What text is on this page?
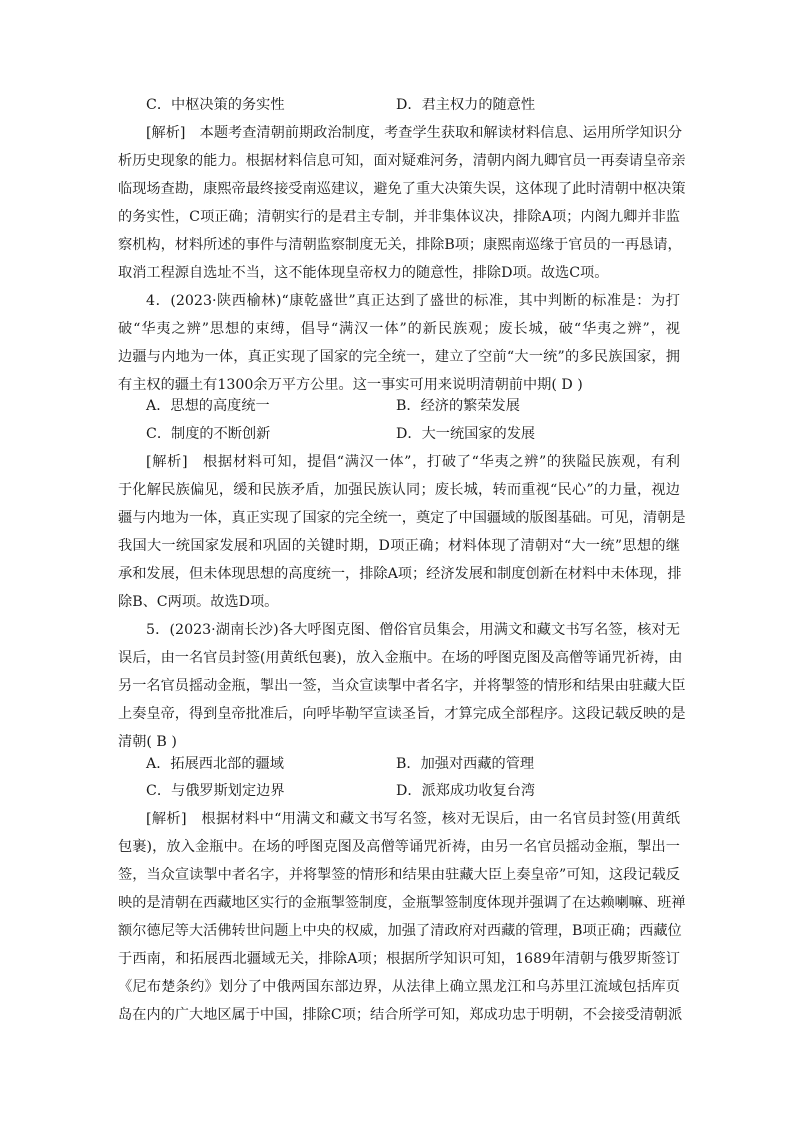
C．中枢决策的务实性	D．君主权力的随意性
[解析]　本题考查清朝前期政治制度，考查学生获取和解读材料信息、运用所学知识分
析历史现象的能力。根据材料信息可知，面对疑难河务，清朝内阁九卿官员一再奏请皇帝亲
临现场查勘，康熙帝最终接受南巡建议，避免了重大决策失误，这体现了此时清朝中枢决策
的务实性，C项正确；清朝实行的是君主专制，并非集体议决，排除A项；内阁九卿并非监
察机构，材料所述的事件与清朝监察制度无关，排除B项；康熙南巡缘于官员的一再恳请，
取消工程源自选址不当，这不能体现皇帝权力的随意性，排除D项。故选C项。
4．(2023·陕西榆林)“康乾盛世”真正达到了盛世的标准，其中判断的标准是：为打
破“华夷之辨”思想的束缚，倡导“满汉一体”的新民族观；废长城，破“华夷之辨”，视
边疆与内地为一体，真正实现了国家的完全统一，建立了空前“大一统”的多民族国家，拥
有主权的疆土有1300余万平方公里。这一事实可用来说明清朝前中期( D )
A．思想的高度统一	B．经济的繁荣发展
C．制度的不断创新	D．大一统国家的发展
[解析]　根据材料可知，提倡“满汉一体”，打破了“华夷之辨”的狭隘民族观，有利
于化解民族偏见，缓和民族矛盾，加强民族认同；废长城，转而重视“民心”的力量，视边
疆与内地为一体，真正实现了国家的完全统一，奠定了中国疆域的版图基础。可见，清朝是
我国大一统国家发展和巩固的关键时期，D项正确；材料体现了清朝对“大一统”思想的继
承和发展，但未体现思想的高度统一，排除A项；经济发展和制度创新在材料中未体现，排
除B、C两项。故选D项。
5．(2023·湖南长沙)各大呼图克图、僧俗官员集会，用满文和藏文书写名签，核对无
误后，由一名官员封签(用黄纸包裹)，放入金瓶中。在场的呼图克图及高僧等诵咒祈祷，由
另一名官员摇动金瓶，掣出一签，当众宣读掣中者名字，并将掣签的情形和结果由驻藏大臣
上奏皇帝，得到皇帝批准后，向呼毕勒罕宣读圣旨，才算完成全部程序。这段记载反映的是
清朝( B )
A．拓展西北部的疆域	B．加强对西藏的管理
C．与俄罗斯划定边界	D．派郑成功收复台湾
[解析]　根据材料中“用满文和藏文书写名签，核对无误后，由一名官员封签(用黄纸
包裹)，放入金瓶中。在场的呼图克图及高僧等诵咒祈祷，由另一名官员摇动金瓶，掣出一
签，当众宣读掣中者名字，并将掣签的情形和结果由驻藏大臣上奏皇帝”可知，这段记载反
映的是清朝在西藏地区实行的金瓶掣签制度，金瓶掣签制度体现并强调了在达赖喇嘛、班禅
额尔德尼等大活佛转世问题上中央的权威，加强了清政府对西藏的管理，B项正确；西藏位
于西南，和拓展西北疆域无关，排除A项；根据所学知识可知，1689年清朝与俄罗斯签订
《尼布楚条约》划分了中俄两国东部边界，从法律上确立黑龙江和乌苏里江流域包括库页
岛在内的广大地区属于中国，排除C项；结合所学可知，郑成功忠于明朝，不会接受清朝派
